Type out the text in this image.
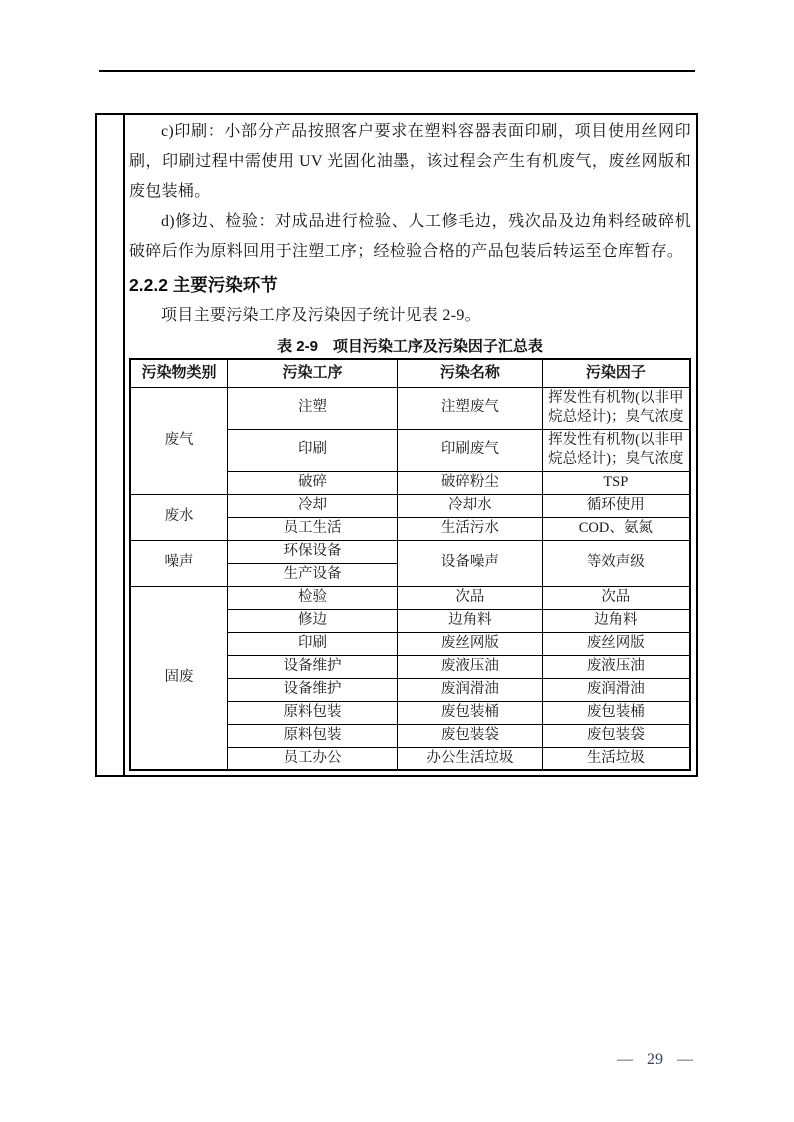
c)印刷：小部分产品按照客户要求在塑料容器表面印刷，项目使用丝网印刷，印刷过程中需使用 UV 光固化油墨，该过程会产生有机废气，废丝网版和废包装桶。

d)修边、检验：对成品进行检验、人工修毛边，残次品及边角料经破碎机破碎后作为原料回用于注塑工序；经检验合格的产品包装后转运至仓库暂存。

2.2.2 主要污染环节

项目主要污染工序及污染因子统计见表 2-9。

表 2-9　项目污染工序及污染因子汇总表
污染物类别	污染工序	污染名称	污染因子
废气	注塑	注塑废气	挥发性有机物(以非甲烷总烃计)；臭气浓度
	印刷	印刷废气	挥发性有机物(以非甲烷总烃计)；臭气浓度
	破碎	破碎粉尘	TSP
废水	冷却	冷却水	循环使用
	员工生活	生活污水	COD、氨氮
噪声	环保设备	设备噪声	等效声级
	生产设备		
固废	检验	次品	次品
	修边	边角料	边角料
	印刷	废丝网版	废丝网版
	设备维护	废液压油	废液压油
	设备维护	废润滑油	废润滑油
	原料包装	废包装桶	废包装桶
	原料包装	废包装袋	废包装袋
	员工办公	办公生活垃圾	生活垃圾
— 29 —
